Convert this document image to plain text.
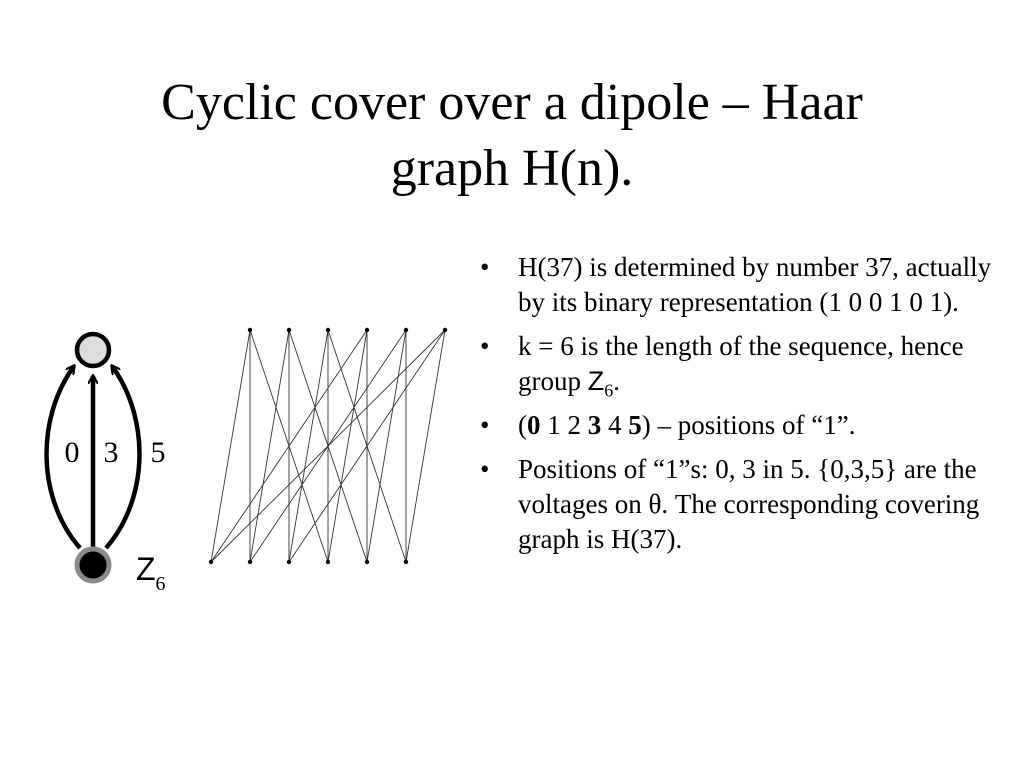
Cyclic cover over a dipole – Haar
graph H(n).
0 3 5
Z6
• H(37) is determined by number 37, actually by its binary representation (1 0 0 1 0 1).
• k = 6 is the length of the sequence, hence group $Z_6$.
• (0 1 2 3 4 5) – positions of “1”.
• Positions of “1”s: 0, 3 in 5. {0,3,5} are the voltages on θ. The corresponding covering graph is H(37).
